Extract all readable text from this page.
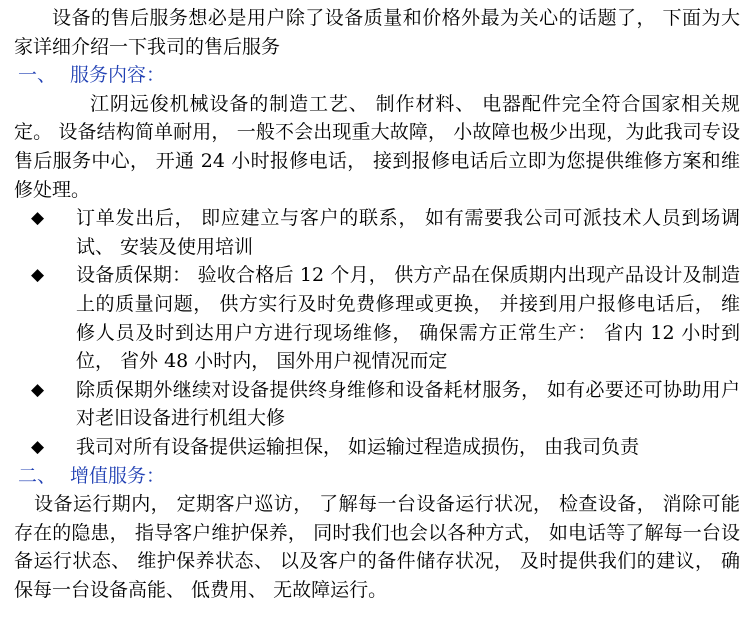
设备的售后服务想必是用户除了设备质量和价格外最为关心的话题了， 下面为大家详细介绍一下我司的售后服务

一、 服务内容：

江阴远俊机械设备的制造工艺、 制作材料、 电器配件完全符合国家相关规定。 设备结构简单耐用， 一般不会出现重大故障， 小故障也极少出现，为此我司专设售后服务中心， 开通 24 小时报修电话， 接到报修电话后立即为您提供维修方案和维修处理。

◆ 订单发出后， 即应建立与客户的联系， 如有需要我公司可派技术人员到场调试、 安装及使用培训
◆ 设备质保期： 验收合格后 12 个月， 供方产品在保质期内出现产品设计及制造上的质量问题， 供方实行及时免费修理或更换， 并接到用户报修电话后， 维修人员及时到达用户方进行现场维修， 确保需方正常生产： 省内 12 小时到位， 省外 48 小时内， 国外用户视情况而定
◆ 除质保期外继续对设备提供终身维修和设备耗材服务， 如有必要还可协助用户对老旧设备进行机组大修
◆ 我司对所有设备提供运输担保， 如运输过程造成损伤， 由我司负责
二、 增值服务：

设备运行期内， 定期客户巡访， 了解每一台设备运行状况， 检查设备， 消除可能存在的隐患， 指导客户维护保养， 同时我们也会以各种方式， 如电话等了解每一台设备运行状态、 维护保养状态、 以及客户的备件储存状况， 及时提供我们的建议， 确保每一台设备高能、 低费用、 无故障运行。
